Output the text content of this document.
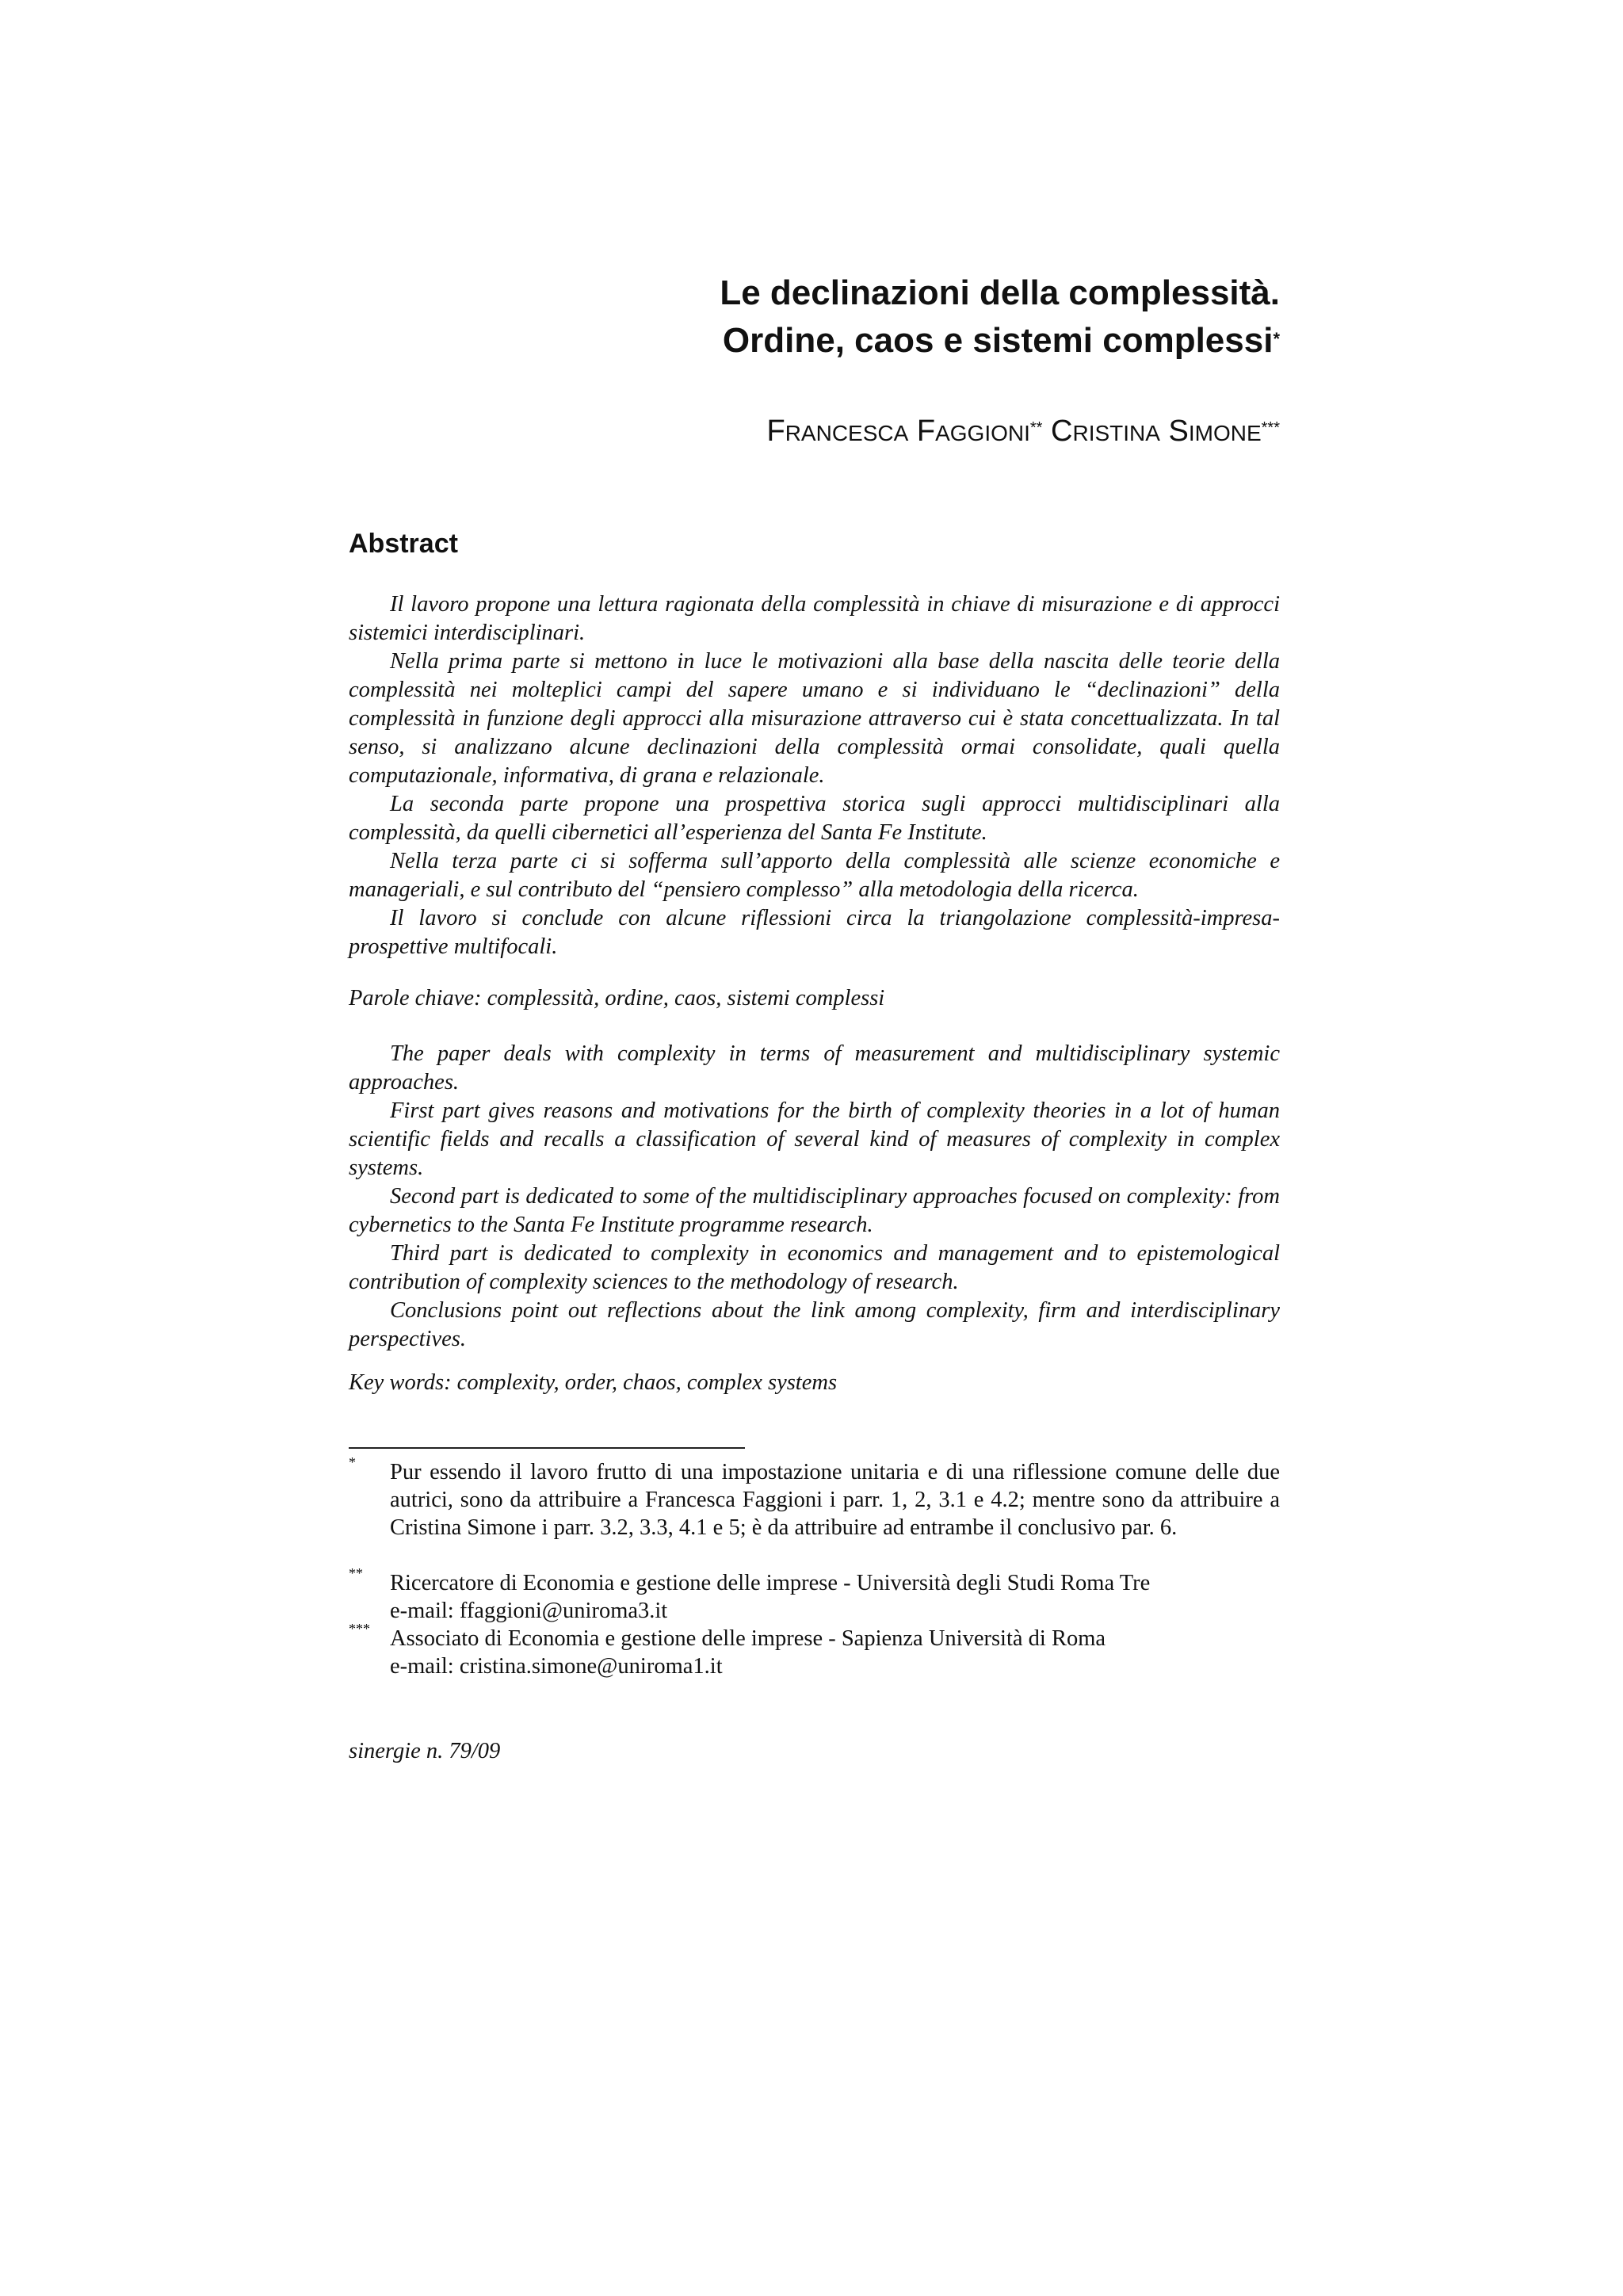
Le declinazioni della complessità.
Ordine, caos e sistemi complessi*
FRANCESCA FAGGIONI** CRISTINA SIMONE***
Abstract

Il lavoro propone una lettura ragionata della complessità in chiave di misurazione e di approcci sistemici interdisciplinari.

Nella prima parte si mettono in luce le motivazioni alla base della nascita delle teorie della complessità nei molteplici campi del sapere umano e si individuano le “declinazioni” della complessità in funzione degli approcci alla misurazione attraverso cui è stata concettualizzata. In tal senso, si analizzano alcune declinazioni della complessità ormai consolidate, quali quella computazionale, informativa, di grana e relazionale.

La seconda parte propone una prospettiva storica sugli approcci multidisciplinari alla complessità, da quelli cibernetici all’esperienza del Santa Fe Institute.

Nella terza parte ci si sofferma sull’apporto della complessità alle scienze economiche e manageriali, e sul contributo del “pensiero complesso” alla metodologia della ricerca.

Il lavoro si conclude con alcune riflessioni circa la triangolazione complessità-impresa-prospettive multifocali.

Parole chiave: complessità, ordine, caos, sistemi complessi

The paper deals with complexity in terms of measurement and multidisciplinary systemic approaches.

First part gives reasons and motivations for the birth of complexity theories in a lot of human scientific fields and recalls a classification of several kind of measures of complexity in complex systems.

Second part is dedicated to some of the multidisciplinary approaches focused on complexity: from cybernetics to the Santa Fe Institute programme research.

Third part is dedicated to complexity in economics and management and to epistemological contribution of complexity sciences to the methodology of research.

Conclusions point out reflections about the link among complexity, firm and interdisciplinary perspectives.

Key words: complexity, order, chaos, complex systems
* Pur essendo il lavoro frutto di una impostazione unitaria e di una riflessione comune delle due autrici, sono da attribuire a Francesca Faggioni i parr. 1, 2, 3.1 e 4.2; mentre sono da attribuire a Cristina Simone i parr. 3.2, 3.3, 4.1 e 5; è da attribuire ad entrambe il conclusivo par. 6.
** Ricercatore di Economia e gestione delle imprese - Università degli Studi Roma Tre
e-mail: ffaggioni@uniroma3.it
*** Associato di Economia e gestione delle imprese - Sapienza Università di Roma
e-mail: cristina.simone@uniroma1.it
sinergie n. 79/09
